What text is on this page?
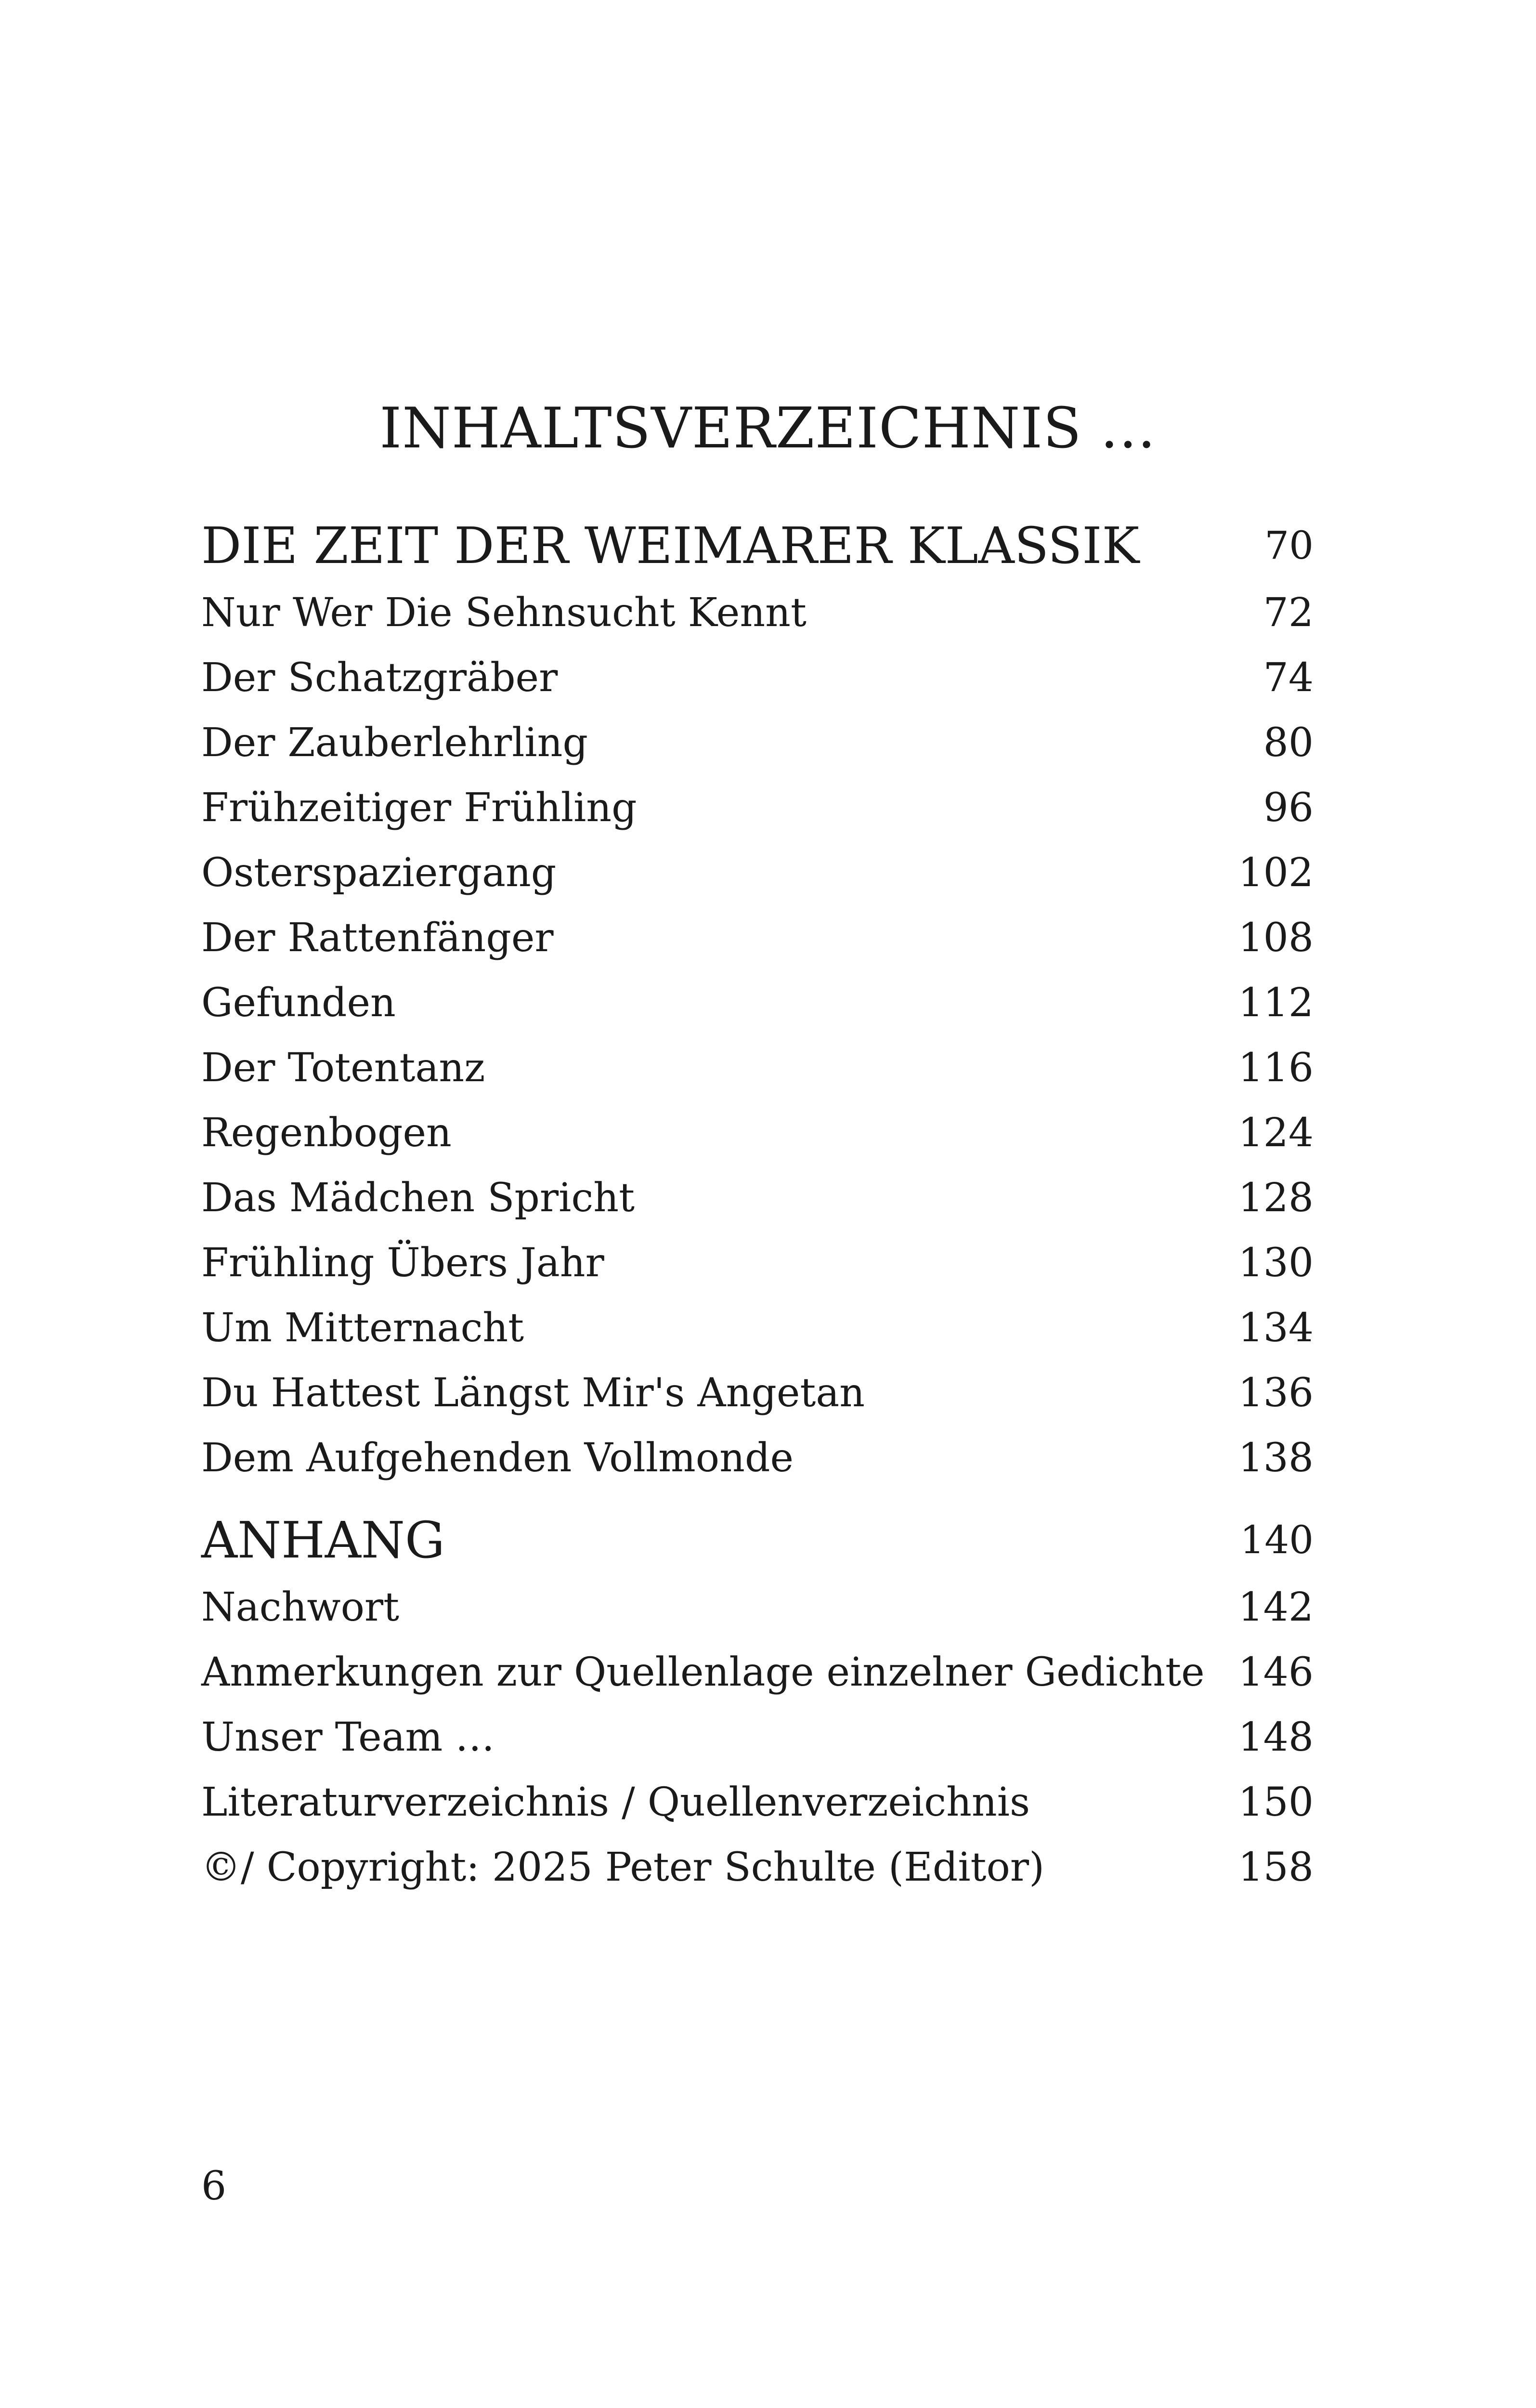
INHALTSVERZEICHNIS …
DIE ZEIT DER WEIMARER KLASSIK	70
Nur Wer Die Sehnsucht Kennt	72
Der Schatzgräber	74
Der Zauberlehrling	80
Frühzeitiger Frühling	96
Osterspaziergang	102
Der Rattenfänger	108
Gefunden	112
Der Totentanz	116
Regenbogen	124
Das Mädchen Spricht	128
Frühling Übers Jahr	130
Um Mitternacht	134
Du Hattest Längst Mir's Angetan	136
Dem Aufgehenden Vollmonde	138
ANHANG	140
Nachwort	142
Anmerkungen zur Quellenlage einzelner Gedichte 146
Unser Team …	148
Literaturverzeichnis / Quellenverzeichnis	150
©/ Copyright: 2025 Peter Schulte (Editor)	158
6
